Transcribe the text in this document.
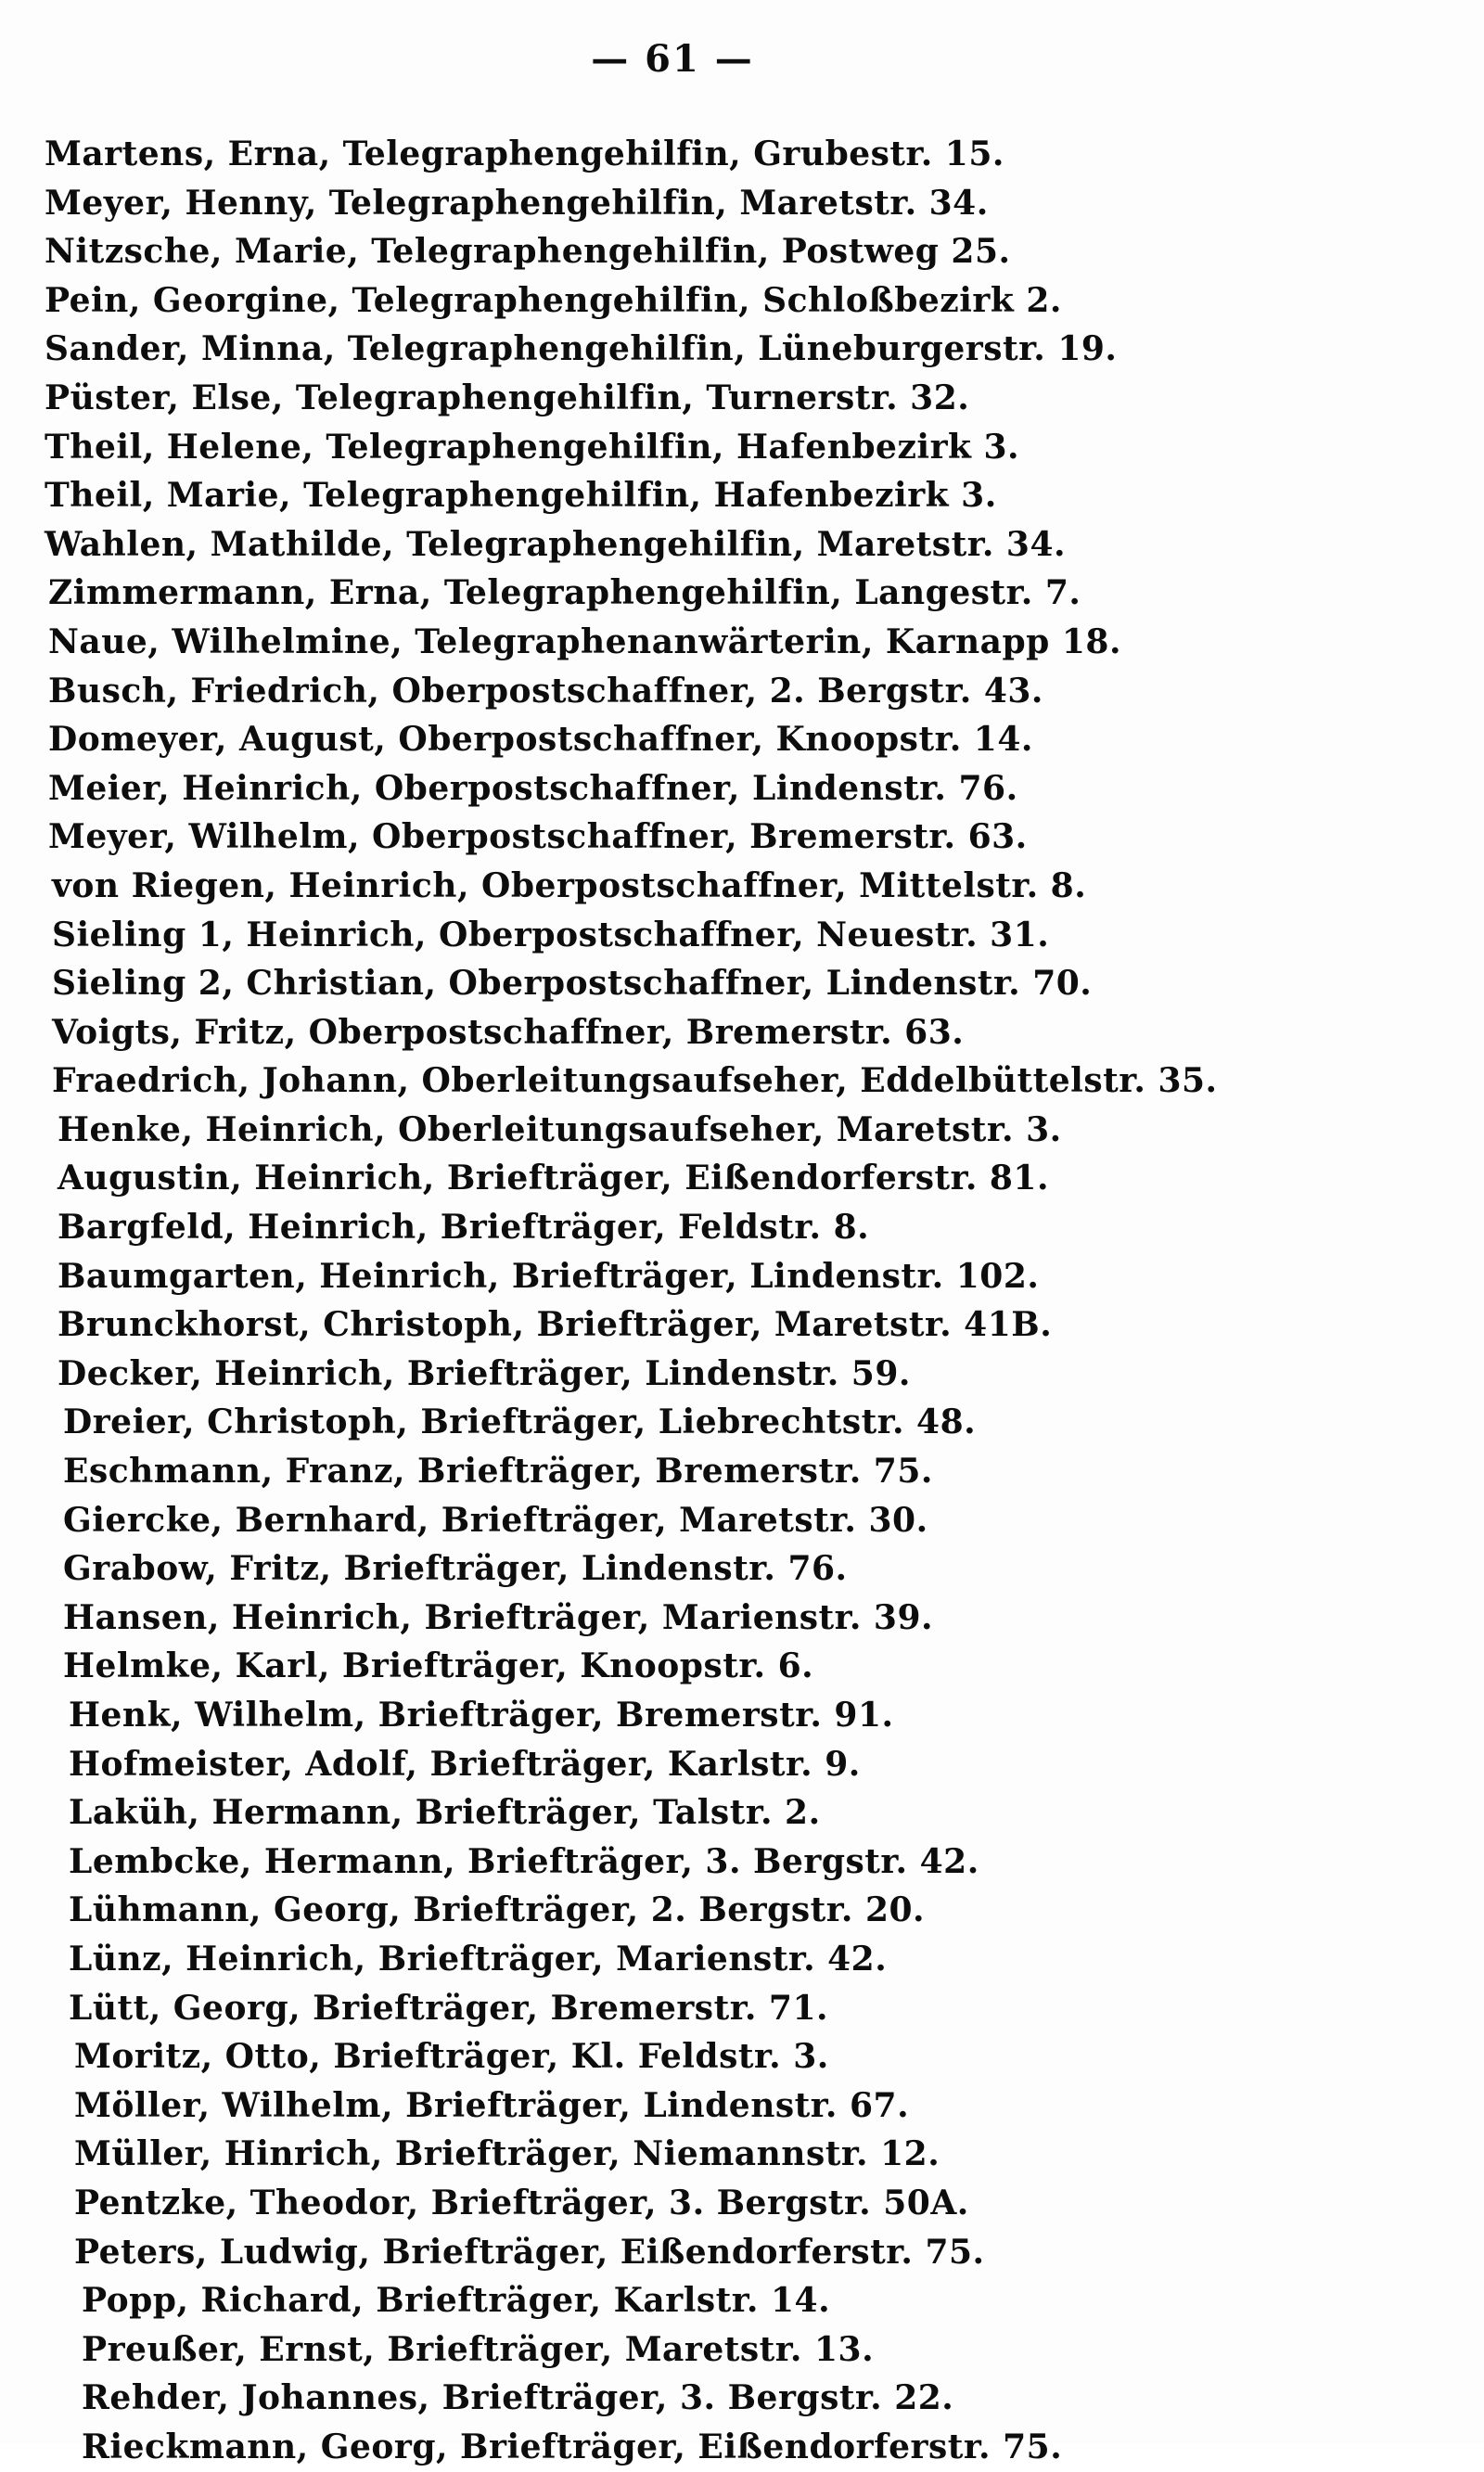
— 61 —
Martens, Erna, Telegraphengehilfin, Grubestr. 15.
Meyer, Henny, Telegraphengehilfin, Maretstr. 34.
Nitzsche, Marie, Telegraphengehilfin, Postweg 25.
Pein, Georgine, Telegraphengehilfin, Schloßbezirk 2.
Sander, Minna, Telegraphengehilfin, Lüneburgerstr. 19.
Püster, Else, Telegraphengehilfin, Turnerstr. 32.
Theil, Helene, Telegraphengehilfin, Hafenbezirk 3.
Theil, Marie, Telegraphengehilfin, Hafenbezirk 3.
Wahlen, Mathilde, Telegraphengehilfin, Maretstr. 34.
Zimmermann, Erna, Telegraphengehilfin, Langestr. 7.
Naue, Wilhelmine, Telegraphenanwärterin, Karnapp 18.
Busch, Friedrich, Oberpostschaffner, 2. Bergstr. 43.
Domeyer, August, Oberpostschaffner, Knoopstr. 14.
Meier, Heinrich, Oberpostschaffner, Lindenstr. 76.
Meyer, Wilhelm, Oberpostschaffner, Bremerstr. 63.
von Riegen, Heinrich, Oberpostschaffner, Mittelstr. 8.
Sieling 1, Heinrich, Oberpostschaffner, Neuestr. 31.
Sieling 2, Christian, Oberpostschaffner, Lindenstr. 70.
Voigts, Fritz, Oberpostschaffner, Bremerstr. 63.
Fraedrich, Johann, Oberleitungsaufseher, Eddelbüttelstr. 35.
Henke, Heinrich, Oberleitungsaufseher, Maretstr. 3.
Augustin, Heinrich, Briefträger, Eißendorferstr. 81.
Bargfeld, Heinrich, Briefträger, Feldstr. 8.
Baumgarten, Heinrich, Briefträger, Lindenstr. 102.
Brunckhorst, Christoph, Briefträger, Maretstr. 41B.
Decker, Heinrich, Briefträger, Lindenstr. 59.
Dreier, Christoph, Briefträger, Liebrechtstr. 48.
Eschmann, Franz, Briefträger, Bremerstr. 75.
Giercke, Bernhard, Briefträger, Maretstr. 30.
Grabow, Fritz, Briefträger, Lindenstr. 76.
Hansen, Heinrich, Briefträger, Marienstr. 39.
Helmke, Karl, Briefträger, Knoopstr. 6.
Henk, Wilhelm, Briefträger, Bremerstr. 91.
Hofmeister, Adolf, Briefträger, Karlstr. 9.
Laküh, Hermann, Briefträger, Talstr. 2.
Lembcke, Hermann, Briefträger, 3. Bergstr. 42.
Lühmann, Georg, Briefträger, 2. Bergstr. 20.
Lünz, Heinrich, Briefträger, Marienstr. 42.
Lütt, Georg, Briefträger, Bremerstr. 71.
Moritz, Otto, Briefträger, Kl. Feldstr. 3.
Möller, Wilhelm, Briefträger, Lindenstr. 67.
Müller, Hinrich, Briefträger, Niemannstr. 12.
Pentzke, Theodor, Briefträger, 3. Bergstr. 50A.
Peters, Ludwig, Briefträger, Eißendorferstr. 75.
Popp, Richard, Briefträger, Karlstr. 14.
Preußer, Ernst, Briefträger, Maretstr. 13.
Rehder, Johannes, Briefträger, 3. Bergstr. 22.
Rieckmann, Georg, Briefträger, Eißendorferstr. 75.
